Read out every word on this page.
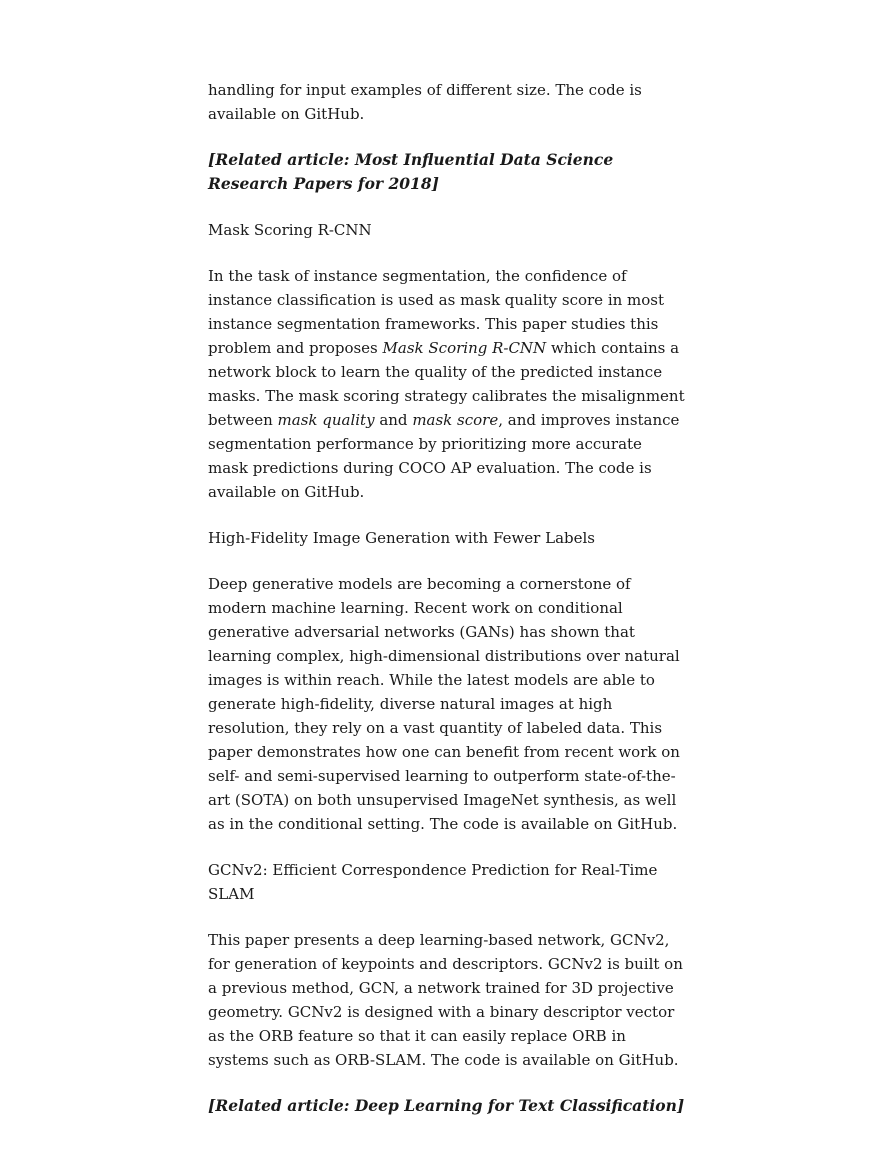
handling for input examples of different size. The code is available on GitHub.

[Related article: Most Influential Data Science Research Papers for 2018]

Mask Scoring R-CNN

In the task of instance segmentation, the confidence of instance classification is used as mask quality score in most instance segmentation frameworks. This paper studies this problem and proposes Mask Scoring R-CNN which contains a network block to learn the quality of the predicted instance masks. The mask scoring strategy calibrates the misalignment between mask quality and mask score, and improves instance segmentation performance by prioritizing more accurate mask predictions during COCO AP evaluation. The code is available on GitHub.

High-Fidelity Image Generation with Fewer Labels

Deep generative models are becoming a cornerstone of modern machine learning. Recent work on conditional generative adversarial networks (GANs) has shown that learning complex, high-dimensional distributions over natural images is within reach. While the latest models are able to generate high-fidelity, diverse natural images at high resolution, they rely on a vast quantity of labeled data. This paper demonstrates how one can benefit from recent work on self- and semi-supervised learning to outperform state-of-the-art (SOTA) on both unsupervised ImageNet synthesis, as well as in the conditional setting. The code is available on GitHub.

GCNv2: Efficient Correspondence Prediction for Real-Time SLAM

This paper presents a deep learning-based network, GCNv2, for generation of keypoints and descriptors. GCNv2 is built on a previous method, GCN, a network trained for 3D projective geometry. GCNv2 is designed with a binary descriptor vector as the ORB feature so that it can easily replace ORB in systems such as ORB-SLAM. The code is available on GitHub.

[Related article: Deep Learning for Text Classification]
